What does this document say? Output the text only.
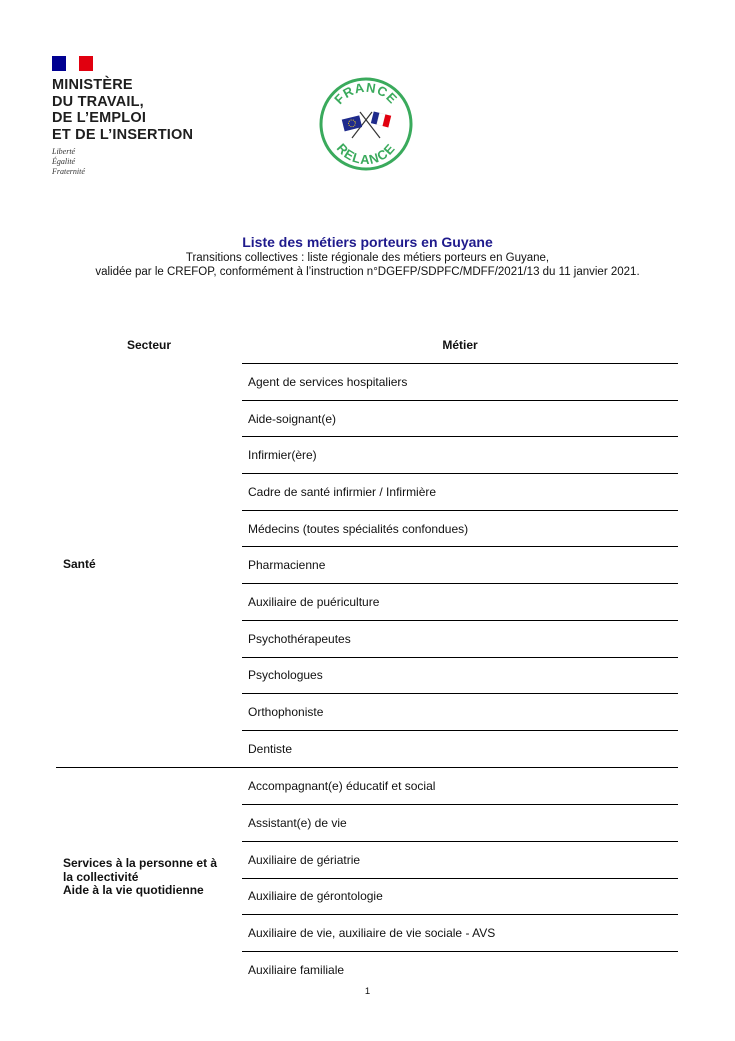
MINISTÈRE
DU TRAVAIL,
DE L’EMPLOI
ET DE L’INSERTION
Liberté
Égalité
Fraternité
FRANCE
RELANCE
Liste des métiers porteurs en Guyane
Transitions collectives : liste régionale des métiers porteurs en Guyane,
validée par le CREFOP, conformément à l’instruction n°DGEFP/SDPFC/MDFF/2021/13 du 11 janvier 2021.
Secteur	Métier
Santé
Agent de services hospitaliers
Aide-soignant(e)
Infirmier(ère)
Cadre de santé infirmier / Infirmière
Médecins (toutes spécialités confondues)
Pharmacienne
Auxiliaire de puériculture
Psychothérapeutes
Psychologues
Orthophoniste
Dentiste
Services à la personne et à
la collectivité
Aide à la vie quotidienne
Accompagnant(e) éducatif et social
Assistant(e) de vie
Auxiliaire de gériatrie
Auxiliaire de gérontologie
Auxiliaire de vie, auxiliaire de vie sociale - AVS
Auxiliaire familiale
1
